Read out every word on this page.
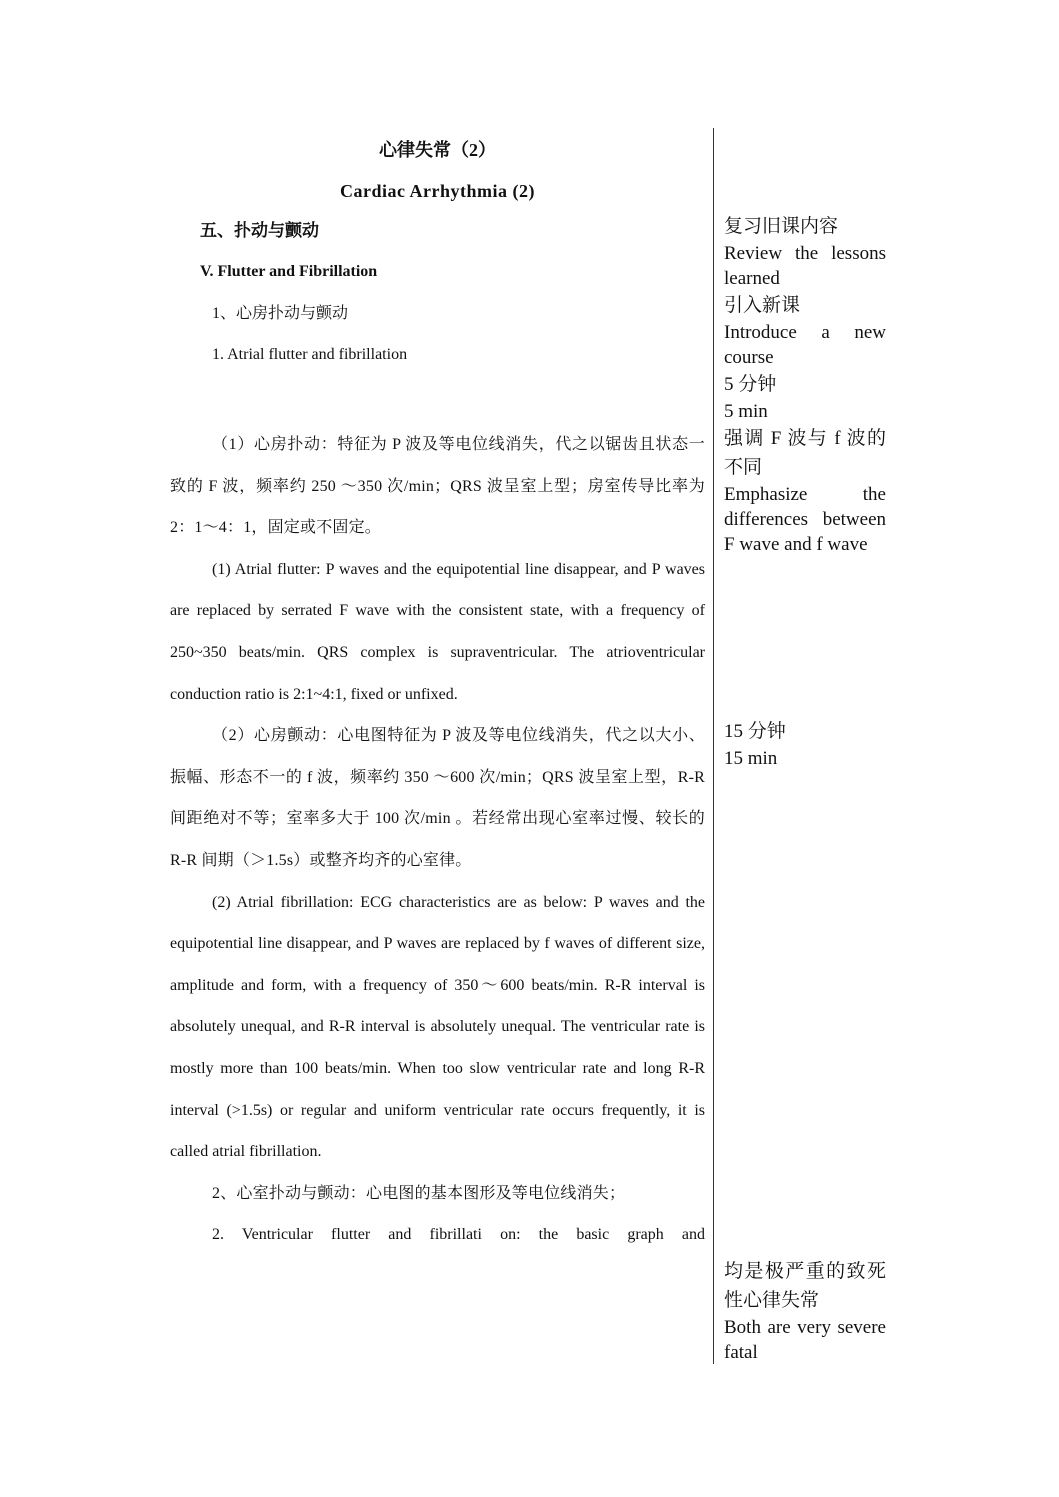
心律失常（2）
Cardiac Arrhythmia (2)
五、扑动与颤动
V. Flutter and Fibrillation
1、心房扑动与颤动
1. Atrial flutter and fibrillation

（1）心房扑动：特征为 P 波及等电位线消失，代之以锯齿且状态一致的 F 波，频率约 250 ～350 次/min；QRS 波呈室上型；房室传导比率为 2：1～4：1，固定或不固定。

(1) Atrial flutter: P waves and the equipotential line disappear, and P waves are replaced by serrated F wave with the consistent state, with a frequency of 250~350 beats/min. QRS complex is supraventricular. The atrioventricular conduction ratio is 2:1~4:1, fixed or unfixed.

（2）心房颤动：心电图特征为 P 波及等电位线消失，代之以大小、振幅、形态不一的 f 波，频率约 350 ～600 次/min；QRS 波呈室上型，R-R 间距绝对不等；室率多大于 100 次/min 。若经常出现心室率过慢、较长的 R-R 间期（＞1.5s）或整齐均齐的心室律。

(2) Atrial fibrillation: ECG characteristics are as below: P waves and the equipotential line disappear, and P waves are replaced by f waves of different size, amplitude and form, with a frequency of 350～600 beats/min. R-R interval is absolutely unequal, and R-R interval is absolutely unequal. The ventricular rate is mostly more than 100 beats/min. When too slow ventricular rate and long R-R interval (>1.5s) or regular and uniform ventricular rate occurs frequently, it is called atrial fibrillation.

2、心室扑动与颤动：心电图的基本图形及等电位线消失；

2. Ventricular flutter and fibrillati on: the basic graph and

复习旧课内容
Review the lessons learned
引入新课
Introduce a new course
5 分钟
5 min
强调 F 波与 f 波的不同
Emphasize the differences between F wave and f wave
15 分钟
15 min
均是极严重的致死性心律失常
Both are very severe fatal
